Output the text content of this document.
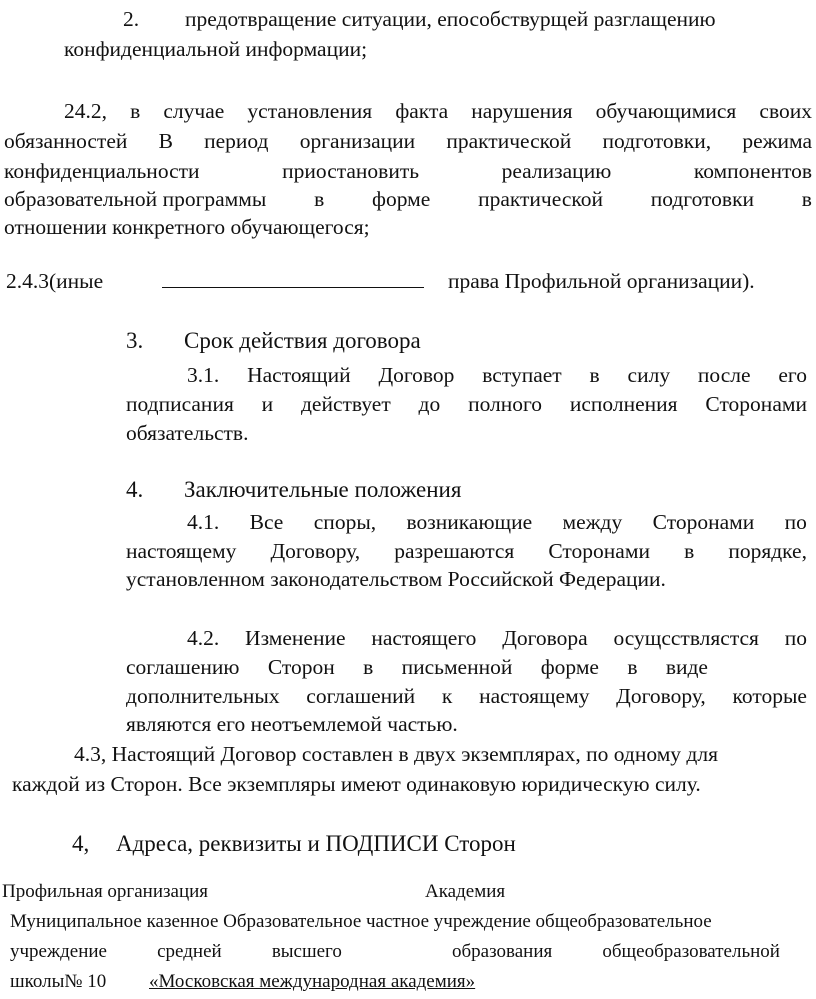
2. предотвращение ситуации, епособствурщей разглащению
конфиденциальной информации;
24.2, в случае установления факта нарушения обучающимися своих
обязанностей В период организации практической подготовки, режима
конфиденциальности	приостановить	реализацию	компонентов
образовательной программы в форме практической подготовки в
отношении конкретного обучающегося;
2.4.3(иные	права Профильной организации).
3. Срок действия договора
3.1. Настоящий Договор вступает в силу после его
подписания и действует до полного исполнения Сторонами
обязательств.
4. Заключительные положения
4.1. Все споры, возникающие между Сторонами по
настоящему Договору, разрешаются Сторонами в порядке,
установленном законодательством Российской Федерации.
4.2. Изменение настоящего Договора осущсствлястся по
соглашению Сторон в письменной форме в виде
дополнительных соглашений к настоящему Договору, которые
являются его неотъемлемой частью.
4.3, Настоящий Договор составлен в двух экземплярах, по одному для
каждой из Сторон. Все экземпляры имеют одинаковую юридическую силу.
4, Адреса, реквизиты и ПОДПИСИ Сторон
Профильная организация	Академия
Муниципальное казенное Образовательное частное учреждение общеобразовательное
учреждение	средней	высшего	образования	общеобразовательной
школы№ 10 «Московская международная академия»
